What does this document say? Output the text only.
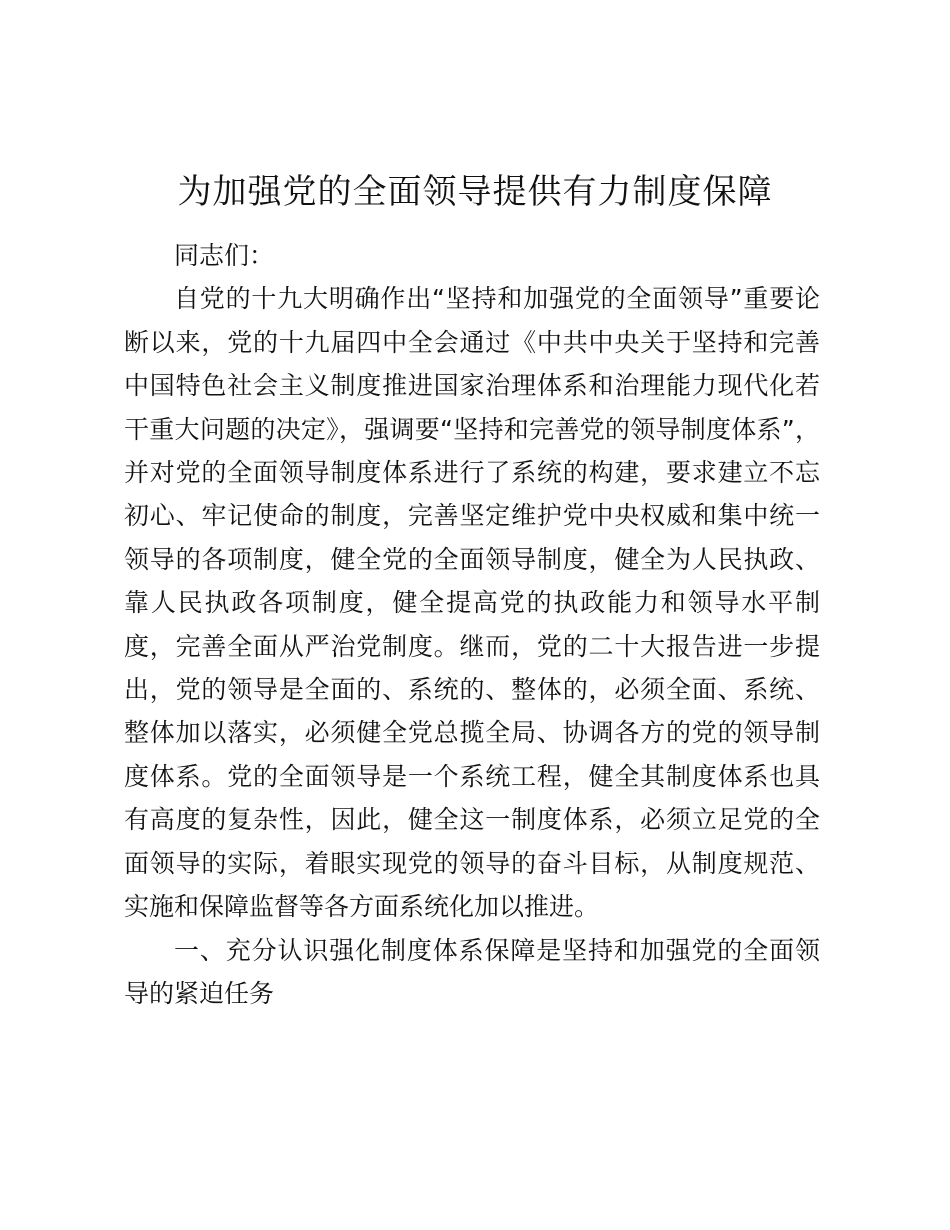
为加强党的全面领导提供有力制度保障

同志们：

自党的十九大明确作出“坚持和加强党的全面领导”重要论断以来，党的十九届四中全会通过《中共中央关于坚持和完善中国特色社会主义制度推进国家治理体系和治理能力现代化若干重大问题的决定》，强调要“坚持和完善党的领导制度体系”，并对党的全面领导制度体系进行了系统的构建，要求建立不忘初心、牢记使命的制度，完善坚定维护党中央权威和集中统一领导的各项制度，健全党的全面领导制度，健全为人民执政、靠人民执政各项制度，健全提高党的执政能力和领导水平制度，完善全面从严治党制度。继而，党的二十大报告进一步提出，党的领导是全面的、系统的、整体的，必须全面、系统、整体加以落实，必须健全党总揽全局、协调各方的党的领导制度体系。党的全面领导是一个系统工程，健全其制度体系也具有高度的复杂性，因此，健全这一制度体系，必须立足党的全面领导的实际，着眼实现党的领导的奋斗目标，从制度规范、实施和保障监督等各方面系统化加以推进。

一、充分认识强化制度体系保障是坚持和加强党的全面领导的紧迫任务
